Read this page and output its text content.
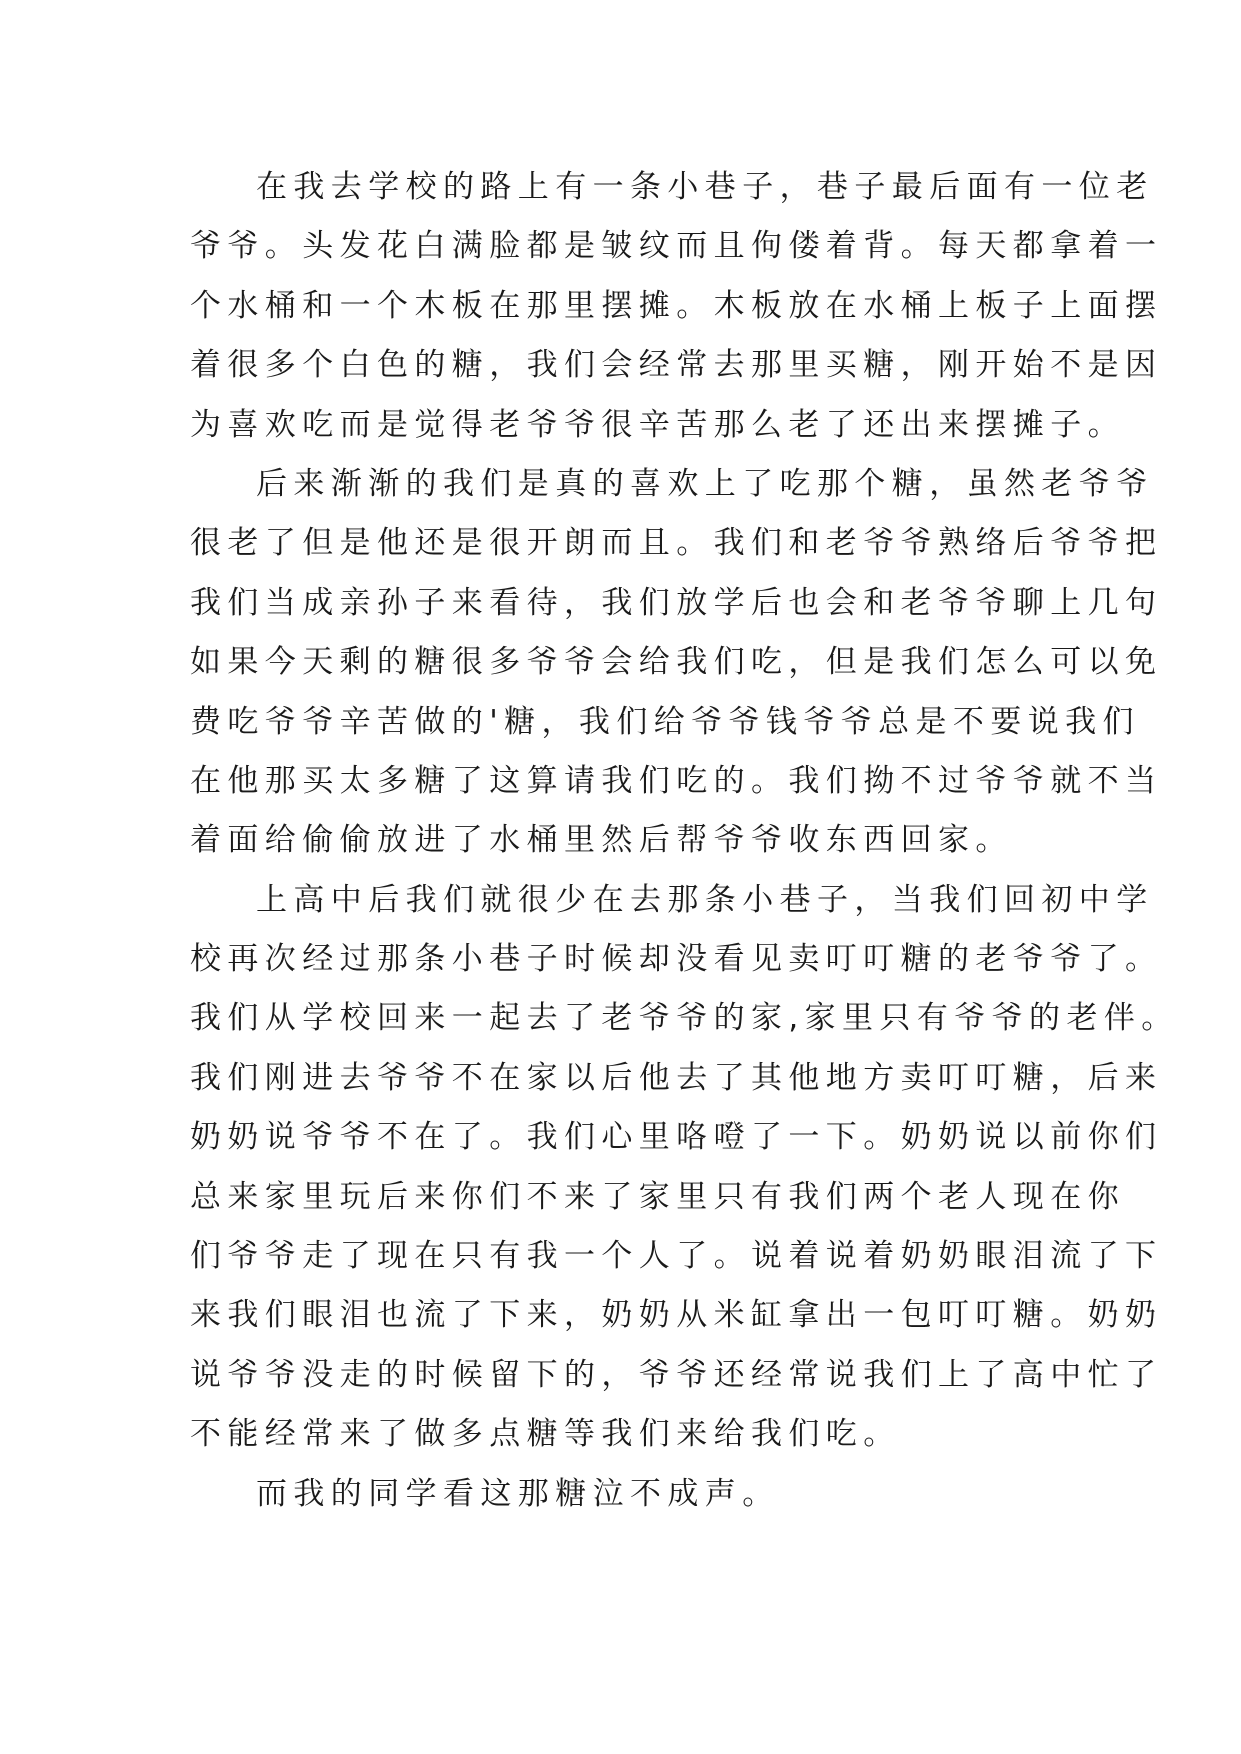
在我去学校的路上有一条小巷子，巷子最后面有一位老
爷爷。头发花白满脸都是皱纹而且佝偻着背。每天都拿着一
个水桶和一个木板在那里摆摊。木板放在水桶上板子上面摆
着很多个白色的糖，我们会经常去那里买糖，刚开始不是因
为喜欢吃而是觉得老爷爷很辛苦那么老了还出来摆摊子。

后来渐渐的我们是真的喜欢上了吃那个糖，虽然老爷爷
很老了但是他还是很开朗而且。我们和老爷爷熟络后爷爷把
我们当成亲孙子来看待，我们放学后也会和老爷爷聊上几句
如果今天剩的糖很多爷爷会给我们吃，但是我们怎么可以免
费吃爷爷辛苦做的'糖，我们给爷爷钱爷爷总是不要说我们
在他那买太多糖了这算请我们吃的。我们拗不过爷爷就不当
着面给偷偷放进了水桶里然后帮爷爷收东西回家。

上高中后我们就很少在去那条小巷子，当我们回初中学
校再次经过那条小巷子时候却没看见卖叮叮糖的老爷爷了。
我们从学校回来一起去了老爷爷的家,家里只有爷爷的老伴。
我们刚进去爷爷不在家以后他去了其他地方卖叮叮糖，后来
奶奶说爷爷不在了。我们心里咯噔了一下。奶奶说以前你们
总来家里玩后来你们不来了家里只有我们两个老人现在你
们爷爷走了现在只有我一个人了。说着说着奶奶眼泪流了下
来我们眼泪也流了下来，奶奶从米缸拿出一包叮叮糖。奶奶
说爷爷没走的时候留下的，爷爷还经常说我们上了高中忙了
不能经常来了做多点糖等我们来给我们吃。

而我的同学看这那糖泣不成声。
